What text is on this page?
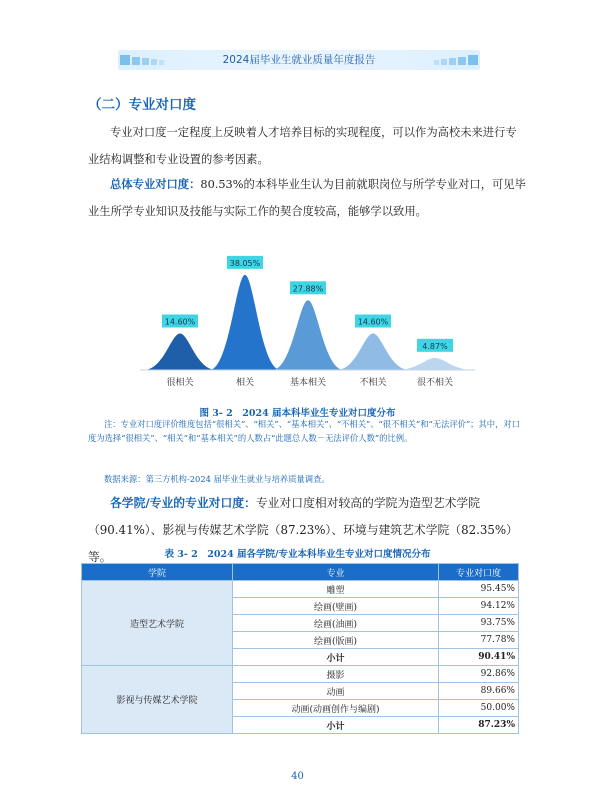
2024届毕业生就业质量年度报告
（二）专业对口度

专业对口度一定程度上反映着人才培养目标的实现程度，可以作为高校未来进行专业结构调整和专业设置的参考因素。

总体专业对口度：80.53%的本科毕业生认为目前就职岗位与所学专业对口，可见毕业生所学专业知识及技能与实际工作的契合度较高，能够学以致用。

14.60%
很相关
38.05%
相关
27.88%
基本相关
14.60%
不相关
4.87%
很不相关

图 3- 2　2024 届本科毕业生专业对口度分布

注：专业对口度评价维度包括“很相关”、“相关”、“基本相关”、“不相关”、“很不相关”和“无法评价”；其中，对口度为选择“很相关”、“相关”和“基本相关”的人数占“此题总人数－无法评价人数”的比例。

数据来源：第三方机构-2024 届毕业生就业与培养质量调查。

各学院/专业的专业对口度：专业对口度相对较高的学院为造型艺术学院（90.41%）、影视与传媒艺术学院（87.23%）、环境与建筑艺术学院（82.35%）等。	表 3- 2　2024 届各学院/专业本科毕业生专业对口度情况分布

学院	专业	专业对口度
造型艺术学院	雕塑	95.45%
	绘画(壁画)	94.12%
	绘画(油画)	93.75%
	绘画(版画)	77.78%
	小计	90.41%
影视与传媒艺术学院	摄影	92.86%
	动画	89.66%
	动画(动画创作与编剧)	50.00%
	小计	87.23%
40
